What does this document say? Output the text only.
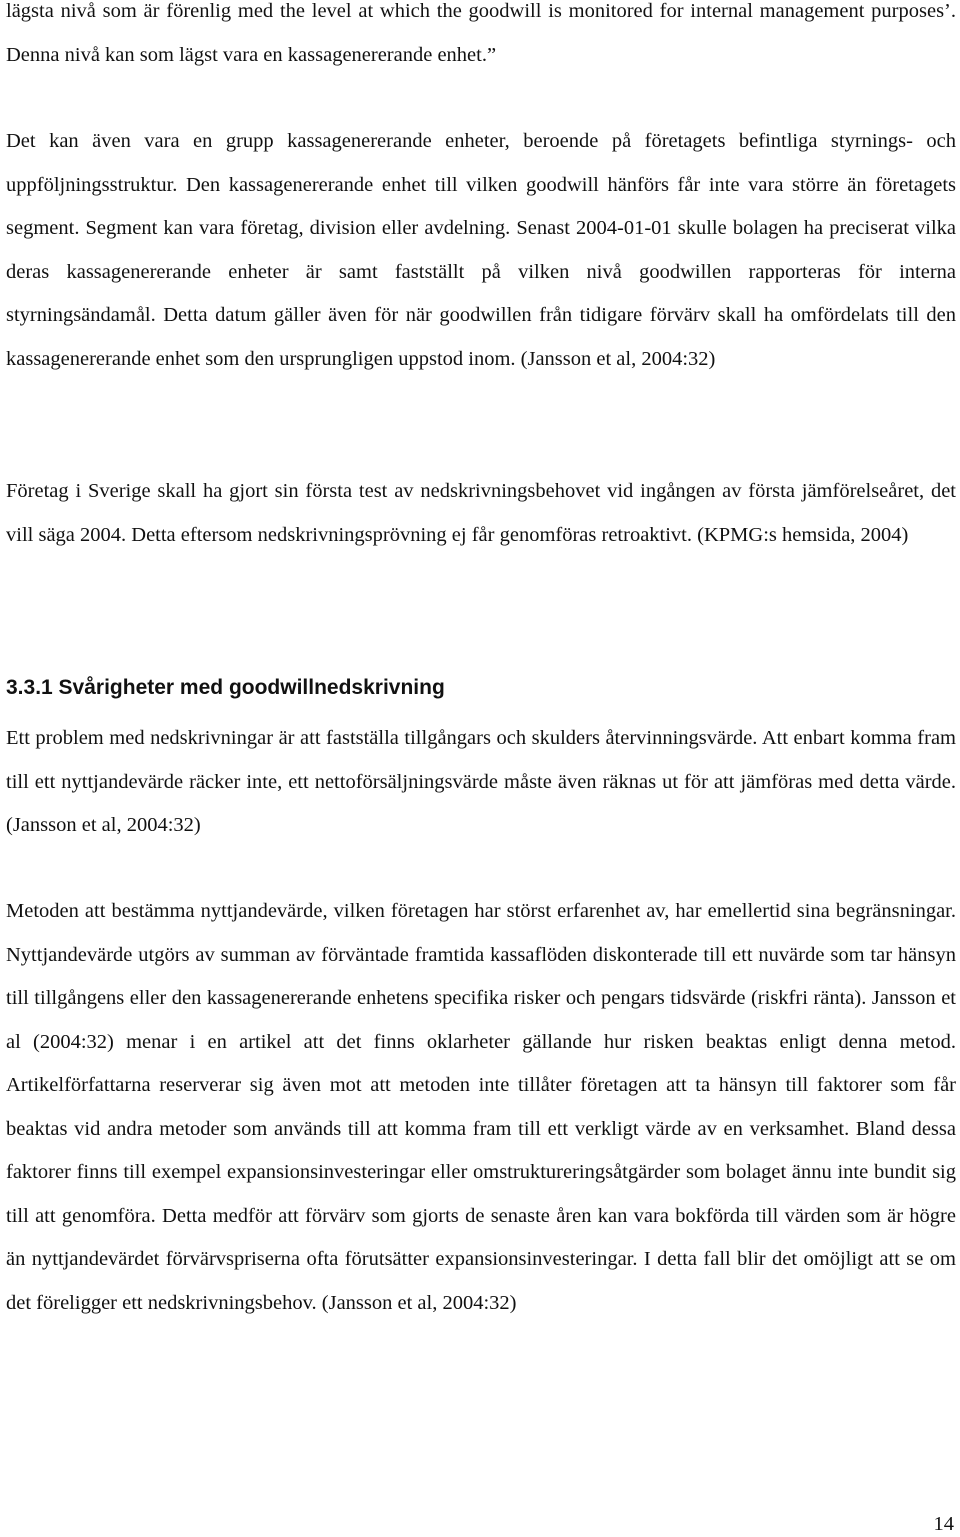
lägsta nivå som är förenlig med the level at which the goodwill is monitored for internal management purposes’. Denna nivå kan som lägst vara en kassagenererande enhet.”

Det kan även vara en grupp kassagenererande enheter, beroende på företagets befintliga styrnings- och uppföljningsstruktur. Den kassagenererande enhet till vilken goodwill hänförs får inte vara större än företagets segment. Segment kan vara företag, division eller avdelning. Senast 2004-01-01 skulle bolagen ha preciserat vilka deras kassagenererande enheter är samt fastställt på vilken nivå goodwillen rapporteras för interna styrningsändamål. Detta datum gäller även för när goodwillen från tidigare förvärv skall ha omfördelats till den kassagenererande enhet som den ursprungligen uppstod inom. (Jansson et al, 2004:32)

Företag i Sverige skall ha gjort sin första test av nedskrivningsbehovet vid ingången av första jämförelseåret, det vill säga 2004. Detta eftersom nedskrivningsprövning ej får genomföras retroaktivt. (KPMG:s hemsida, 2004)

3.3.1 Svårigheter med goodwillnedskrivning

Ett problem med nedskrivningar är att fastställa tillgångars och skulders återvinningsvärde. Att enbart komma fram till ett nyttjandevärde räcker inte, ett nettoförsäljningsvärde måste även räknas ut för att jämföras med detta värde. (Jansson et al, 2004:32)

Metoden att bestämma nyttjandevärde, vilken företagen har störst erfarenhet av, har emellertid sina begränsningar. Nyttjandevärde utgörs av summan av förväntade framtida kassaflöden diskonterade till ett nuvärde som tar hänsyn till tillgångens eller den kassagenererande enhetens specifika risker och pengars tidsvärde (riskfri ränta). Jansson et al (2004:32) menar i en artikel att det finns oklarheter gällande hur risken beaktas enligt denna metod. Artikelförfattarna reserverar sig även mot att metoden inte tillåter företagen att ta hänsyn till faktorer som får beaktas vid andra metoder som används till att komma fram till ett verkligt värde av en verksamhet. Bland dessa faktorer finns till exempel expansionsinvesteringar eller omstruktureringsåtgärder som bolaget ännu inte bundit sig till att genomföra. Detta medför att förvärv som gjorts de senaste åren kan vara bokförda till värden som är högre än nyttjandevärdet förvärvspriserna ofta förutsätter expansionsinvesteringar. I detta fall blir det omöjligt att se om det föreligger ett nedskrivningsbehov. (Jansson et al, 2004:32)

14
